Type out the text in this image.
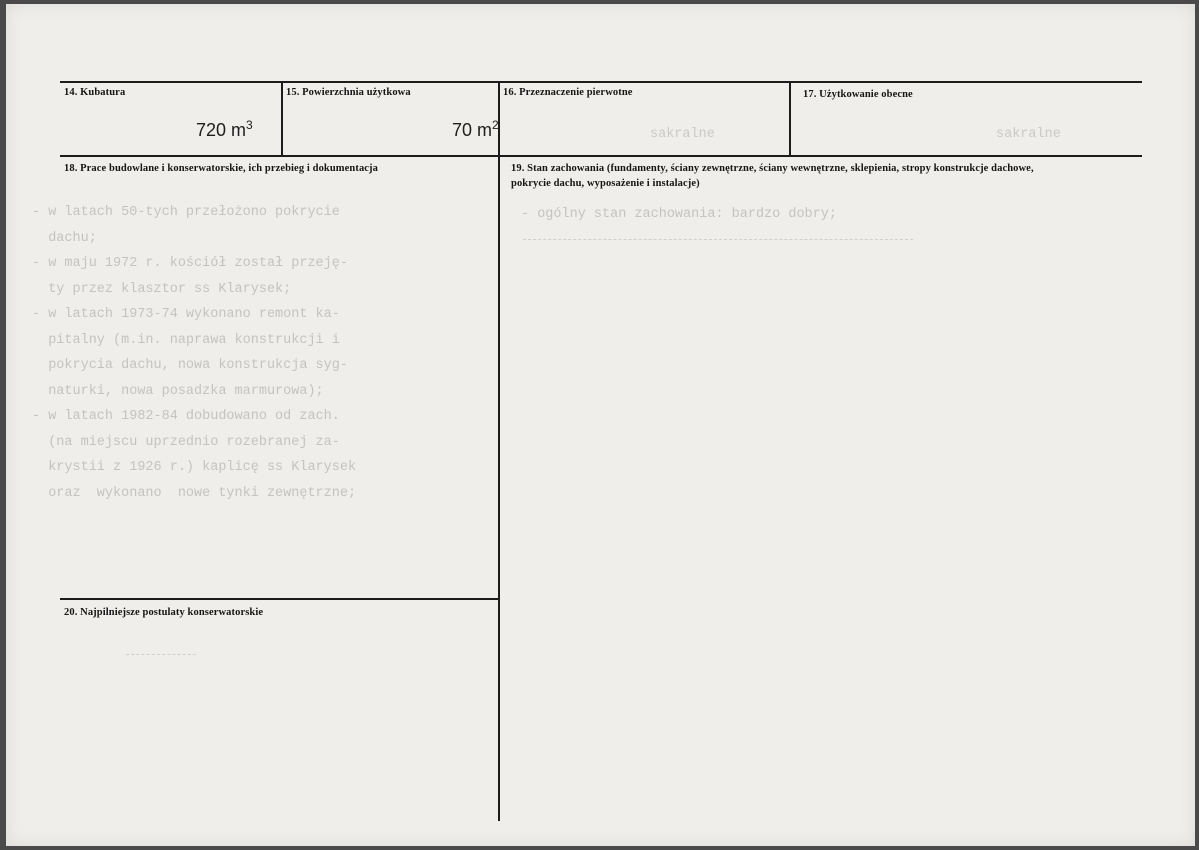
14. Kubatura
720 $m^3$
15. Powierzchnia użytkowa
70 $m^2$
16. Przeznaczenie pierwotne
sakralne
17. Użytkowanie obecne
sakralne
18. Prace budowlane i konserwatorskie, ich przebieg i dokumentacja
- w latach 50-tych przełożono pokrycie
dachu;
- w maju 1972 r. kościół został przeję-
ty przez klasztor ss Klarysek;
- w latach 1973-74 wykonano remont ka-
pitalny (m.in. naprawa konstrukcji i
pokrycia dachu, nowa konstrukcja syg-
naturki, nowa posadzka marmurowa);
- w latach 1982-84 dobudowano od zach.
(na miejscu uprzednio rozebranej za-
krystii z 1926 r.) kaplicę ss Klarysek
oraz  wykonano  nowe tynki zewnętrzne;
19. Stan zachowania (fundamenty, ściany zewnętrzne, ściany wewnętrzne, sklepienia, stropy konstrukcje dachowe, pokrycie dachu, wyposażenie i instalacje)
- ogólny stan zachowania: bardzo dobry;
20. Najpilniejsze postulaty konserwatorskie
